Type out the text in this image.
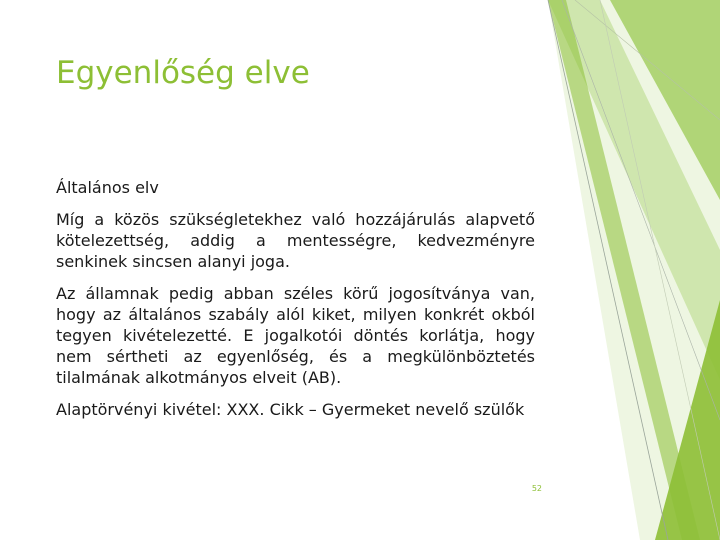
Egyenlőség elve

Általános elv

Míg a közös szükségletekhez való hozzájárulás alapvető kötelezettség, addig a mentességre, kedvezményre senkinek sincsen alanyi joga.

Az államnak pedig abban széles körű jogosítványa van, hogy az általános szabály alól kiket, milyen konkrét okból tegyen kivételezetté. E jogalkotói döntés korlátja, hogy nem sértheti az egyenlőség, és a megkülönböztetés tilalmának alkotmányos elveit (AB).

Alaptörvényi kivétel: XXX. Cikk – Gyermeket nevelő szülők

52
